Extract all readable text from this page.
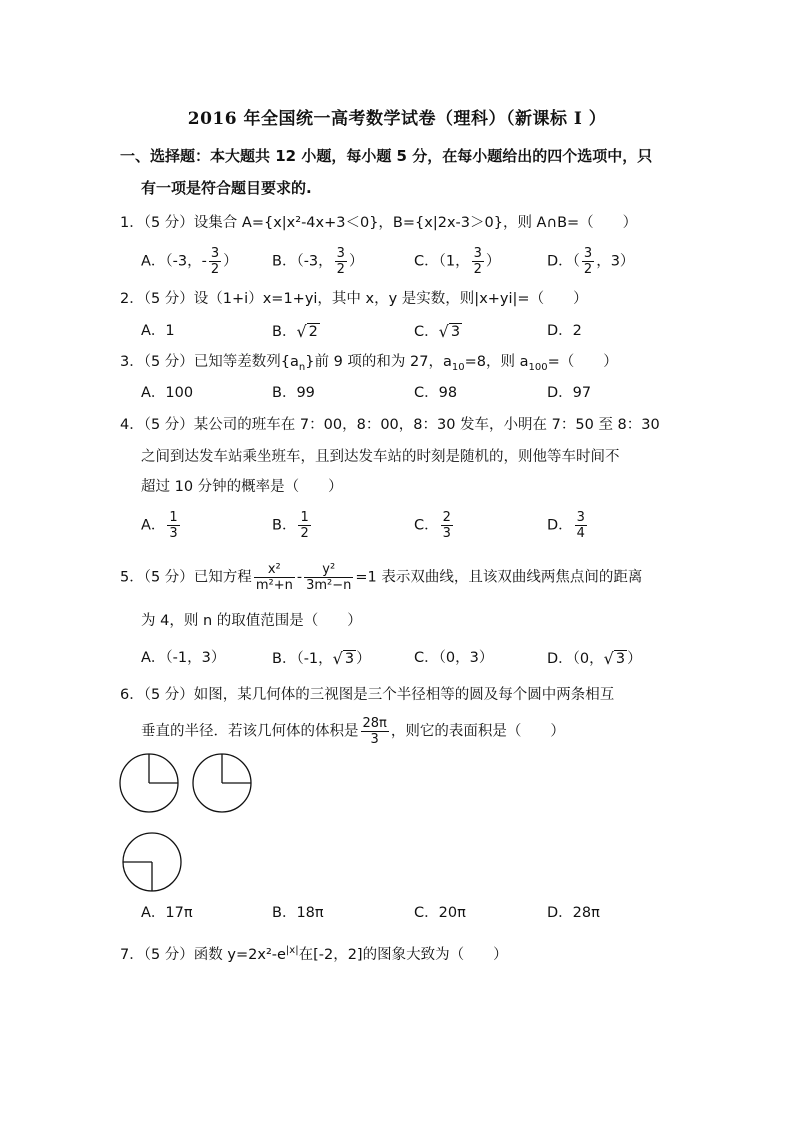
2016 年全国统一高考数学试卷（理科）（新课标 I ）
一、选择题：本大题共 12 小题，每小题 5 分，在每小题给出的四个选项中，只
有一项是符合题目要求的.
1．（5 分）设集合 A={x|x²-4x+3＜0}，B={x|2x-3＞0}，则 A∩B=（　　）
A．（-3，- $\frac{3}{2}$ ） B．（-3， $\frac{3}{2}$ ）	C．（1， $\frac{3}{2}$ ）	D．（ $\frac{3}{2}$ ，3）
2．（5 分）设（1+i）x=1+yi，其中 x，y 是实数，则|x+yi|=（　　）
A．1	B．√ 2	C．√ 3	D．2
3．（5 分）已知等差数列$\{a_n\}$前 9 项的和为 27，$a_{10}=8$，则 $a_{100}=$（　　）
A．100	B．99	C．98	D．97
4．（5 分）某公司的班车在 7：00，8：00，8：30 发车，小明在 7：50 至 8：30
之间到达发车站乘坐班车，且到达发车站的时刻是随机的，则他等车时间不
超过 10 分钟的概率是（　　）
A． $\frac{1}{3}$	B． $\frac{1}{2}$	C． $\frac{2}{3}$	D． $\frac{3}{4}$
5．（5 分）已知方程 $\frac{\text{x²}}{\text{m²+n}} - \frac{\text{y²}}{\text{3m²−n}} =1$ 表示双曲线，且该双曲线两焦点间的距离
为 4，则 n 的取值范围是（　　）
A．（-1，3）	B．（-1，√ 3 ）	C．（0，3）	D．（0，√ 3 ）
6．（5 分）如图，某几何体的三视图是三个半径相等的圆及每个圆中两条相互
垂直的半径．若该几何体的体积是 $\frac{28\pi}{3}$ ，则它的表面积是（　　）
A．17π	B．18π	C．20π	D．28π
7．（5 分）函数 $y=2x^2-e^{|x|}$在[-2，2]的图象大致为（　　）
